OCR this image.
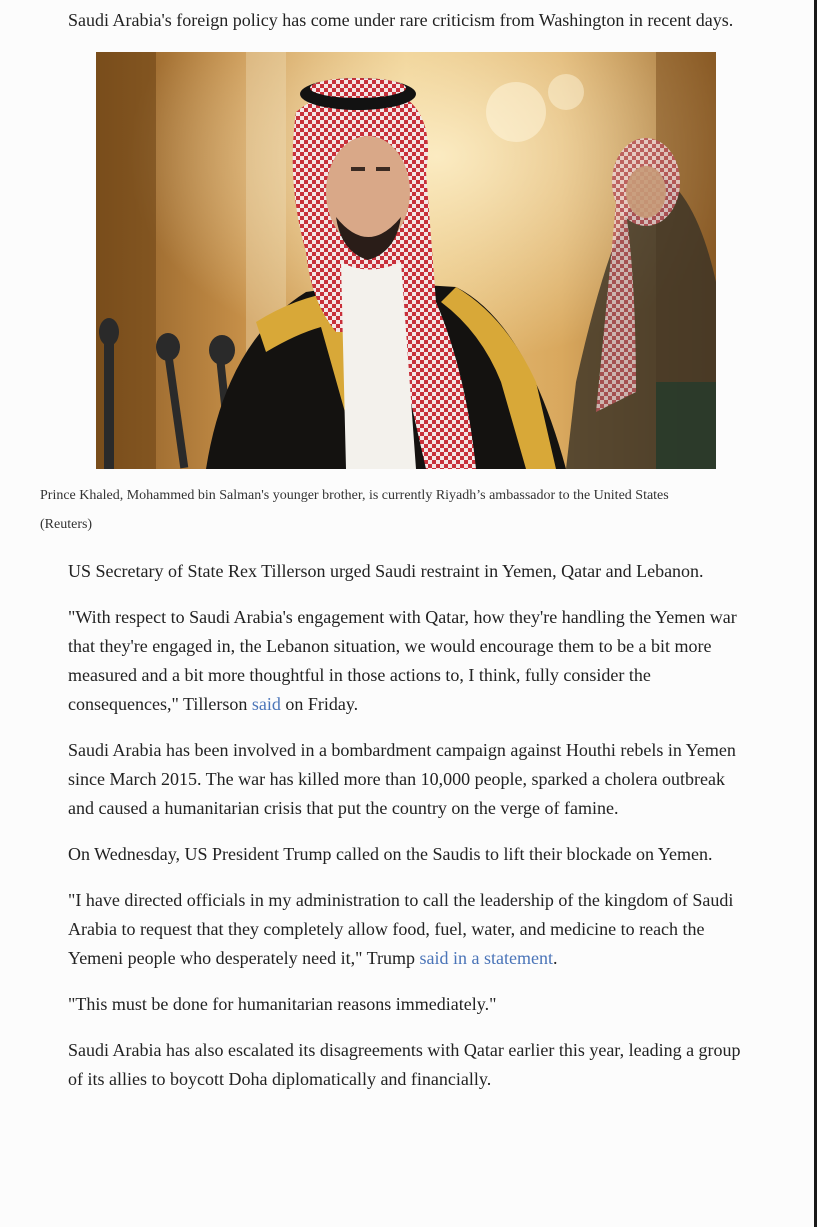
Saudi Arabia's foreign policy has come under rare criticism from Washington in recent days.

Prince Khaled, Mohammed bin Salman's younger brother, is currently Riyadh’s ambassador to the United States (Reuters)

US Secretary of State Rex Tillerson urged Saudi restraint in Yemen, Qatar and Lebanon.

"With respect to Saudi Arabia's engagement with Qatar, how they're handling the Yemen war that they're engaged in, the Lebanon situation, we would encourage them to be a bit more measured and a bit more thoughtful in those actions to, I think, fully consider the consequences," Tillerson said on Friday.

Saudi Arabia has been involved in a bombardment campaign against Houthi rebels in Yemen since March 2015. The war has killed more than 10,000 people, sparked a cholera outbreak and caused a humanitarian crisis that put the country on the verge of famine.

On Wednesday, US President Trump called on the Saudis to lift their blockade on Yemen.

"I have directed officials in my administration to call the leadership of the kingdom of Saudi Arabia to request that they completely allow food, fuel, water, and medicine to reach the Yemeni people who desperately need it," Trump said in a statement.

"This must be done for humanitarian reasons immediately."

Saudi Arabia has also escalated its disagreements with Qatar earlier this year, leading a group of its allies to boycott Doha diplomatically and financially.
